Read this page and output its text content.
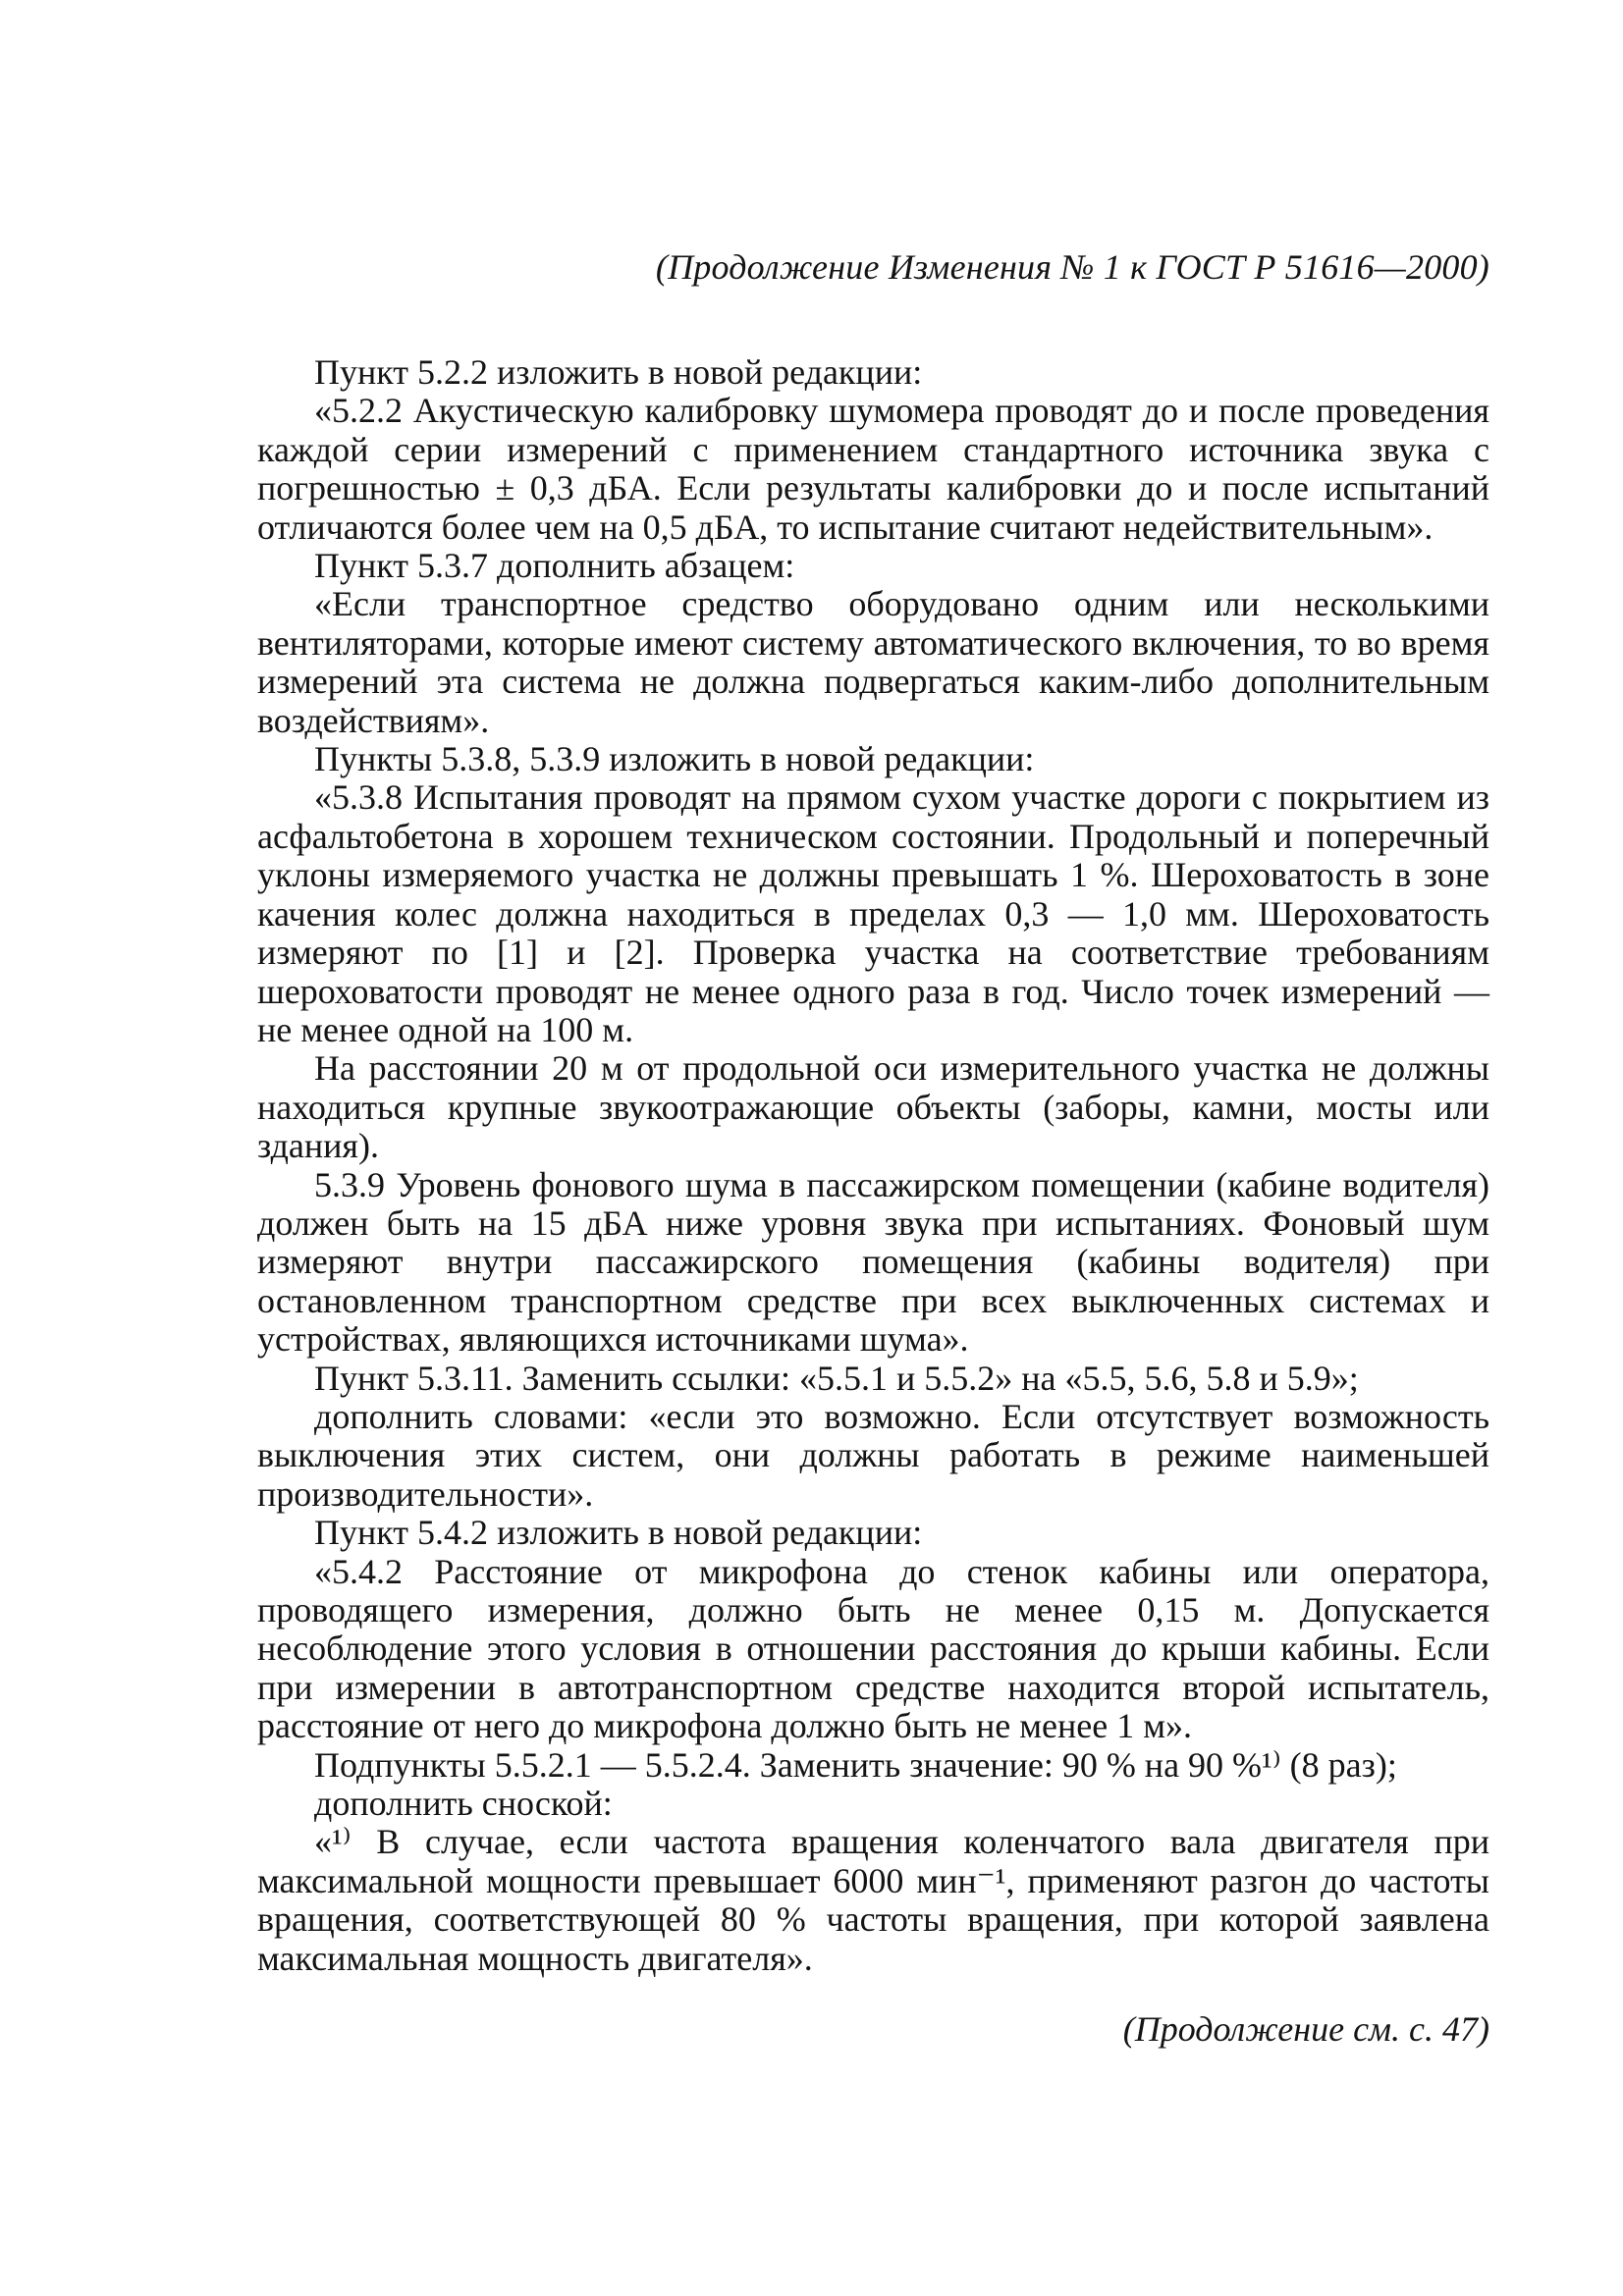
(Продолжение Изменения № 1 к ГОСТ Р 51616—2000)

Пункт 5.2.2 изложить в новой редакции:

«5.2.2 Акустическую калибровку шумомера проводят до и после проведения каждой серии измерений с применением стандартного источника звука с погрешностью ± 0,3 дБА. Если результаты калибровки до и после испытаний отличаются более чем на 0,5 дБА, то испытание считают недействительным».

Пункт 5.3.7 дополнить абзацем:

«Если транспортное средство оборудовано одним или несколькими вентиляторами, которые имеют систему автоматического включения, то во время измерений эта система не должна подвергаться каким-либо дополнительным воздействиям».

Пункты 5.3.8, 5.3.9 изложить в новой редакции:

«5.3.8 Испытания проводят на прямом сухом участке дороги с покрытием из асфальтобетона в хорошем техническом состоянии. Продольный и поперечный уклоны измеряемого участка не должны превышать 1 %. Шероховатость в зоне качения колес должна находиться в пределах 0,3 — 1,0 мм. Шероховатость измеряют по [1] и [2]. Проверка участка на соответствие требованиям шероховатости проводят не менее одного раза в год. Число точек измерений — не менее одной на 100 м.

На расстоянии 20 м от продольной оси измерительного участка не должны находиться крупные звукоотражающие объекты (заборы, камни, мосты или здания).

5.3.9 Уровень фонового шума в пассажирском помещении (кабине водителя) должен быть на 15 дБА ниже уровня звука при испытаниях. Фоновый шум измеряют внутри пассажирского помещения (кабины водителя) при остановленном транспортном средстве при всех выключенных системах и устройствах, являющихся источниками шума».

Пункт 5.3.11. Заменить ссылки: «5.5.1 и 5.5.2» на «5.5, 5.6, 5.8 и 5.9»;

дополнить словами: «если это возможно. Если отсутствует возможность выключения этих систем, они должны работать в режиме наименьшей производительности».

Пункт 5.4.2 изложить в новой редакции:

«5.4.2 Расстояние от микрофона до стенок кабины или оператора, проводящего измерения, должно быть не менее 0,15 м. Допускается несоблюдение этого условия в отношении расстояния до крыши кабины. Если при измерении в автотранспортном средстве находится второй испытатель, расстояние от него до микрофона должно быть не менее 1 м».

Подпункты 5.5.2.1 — 5.5.2.4. Заменить значение: 90 % на 90 %¹⁾ (8 раз);

дополнить сноской:

«¹⁾ В случае, если частота вращения коленчатого вала двигателя при максимальной мощности превышает 6000 мин⁻¹, применяют разгон до частоты вращения, соответствующей 80 % частоты вращения, при которой заявлена максимальная мощность двигателя».

(Продолжение см. с. 47)
